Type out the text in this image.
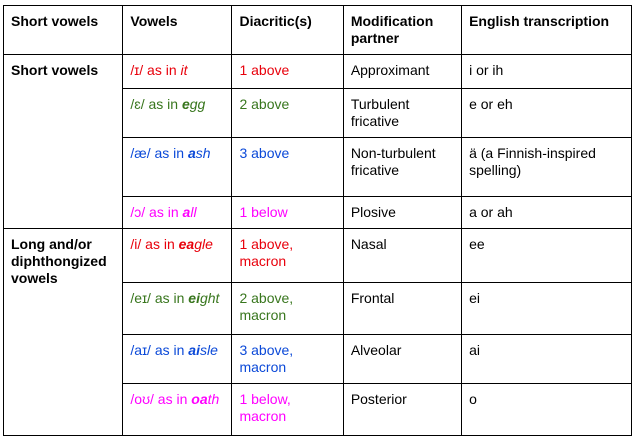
Short vowels	Vowels	Diacritic(s)	Modification partner	English transcription
Short vowels	/ɪ/ as in it	1 above	Approximant	i or ih
	/ɛ/ as in egg	2 above	Turbulent fricative	e or eh
	/æ/ as in ash	3 above	Non-turbulent fricative	ä (a Finnish-inspired spelling)
	/ɔ/ as in all	1 below	Plosive	a or ah
Long and/or diphthongized vowels	/i/ as in eagle	1 above, macron	Nasal	ee
	/eɪ/ as in eight	2 above, macron	Frontal	ei
	/aɪ/ as in aisle	3 above, macron	Alveolar	ai
	/oʊ/ as in oath	1 below, macron	Posterior	o
